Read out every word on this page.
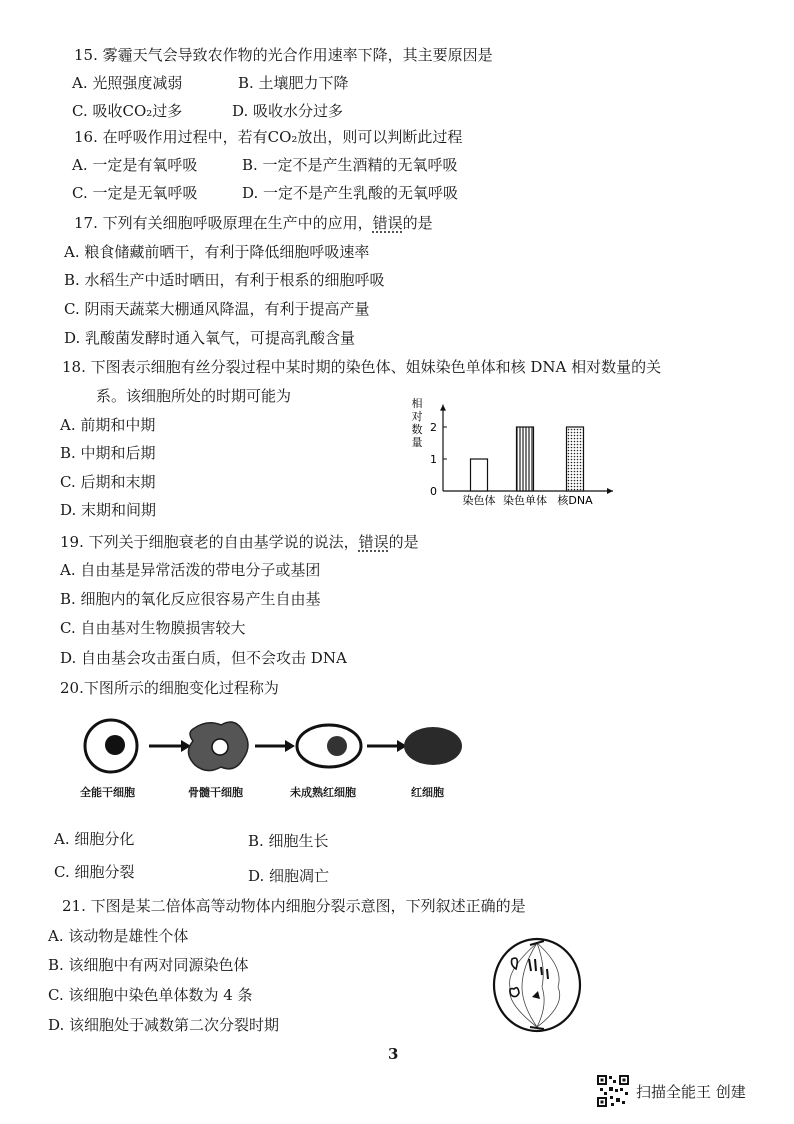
15. 雾霾天气会导致农作物的光合作用速率下降，其主要原因是
A. 光照强度减弱	B. 土壤肥力下降
C. 吸收CO₂过多	D. 吸收水分过多
16. 在呼吸作用过程中，若有CO₂放出，则可以判断此过程
A. 一定是有氧呼吸	B. 一定不是产生酒精的无氧呼吸
C. 一定是无氧呼吸	D. 一定不是产生乳酸的无氧呼吸
17. 下列有关细胞呼吸原理在生产中的应用，错误的是
A. 粮食储藏前晒干，有利于降低细胞呼吸速率
B. 水稻生产中适时晒田，有利于根系的细胞呼吸
C. 阴雨天蔬菜大棚通风降温，有利于提高产量
D. 乳酸菌发酵时通入氧气，可提高乳酸含量
18. 下图表示细胞有丝分裂过程中某时期的染色体、姐妹染色单体和核 DNA 相对数量的关
系。该细胞所处的时期可能为
A. 前期和中期
B. 中期和后期
C. 后期和末期
D. 末期和间期
相
对
数
量
0
1
2
染色体 染色单体 核DNA
19. 下列关于细胞衰老的自由基学说的说法，错误的是
A. 自由基是异常活泼的带电分子或基团
B. 细胞内的氧化反应很容易产生自由基
C. 自由基对生物膜损害较大
D. 自由基会攻击蛋白质，但不会攻击 DNA
20.下图所示的细胞变化过程称为
全能干细胞	骨髓干细胞	未成熟红细胞	红细胞
A. 细胞分化	B. 细胞生长
C. 细胞分裂	D. 细胞凋亡
21. 下图是某二倍体高等动物体内细胞分裂示意图，下列叙述正确的是
A. 该动物是雄性个体
B. 该细胞中有两对同源染色体
C. 该细胞中染色单体数为 4 条
D. 该细胞处于减数第二次分裂时期
3
扫描全能王 创建
